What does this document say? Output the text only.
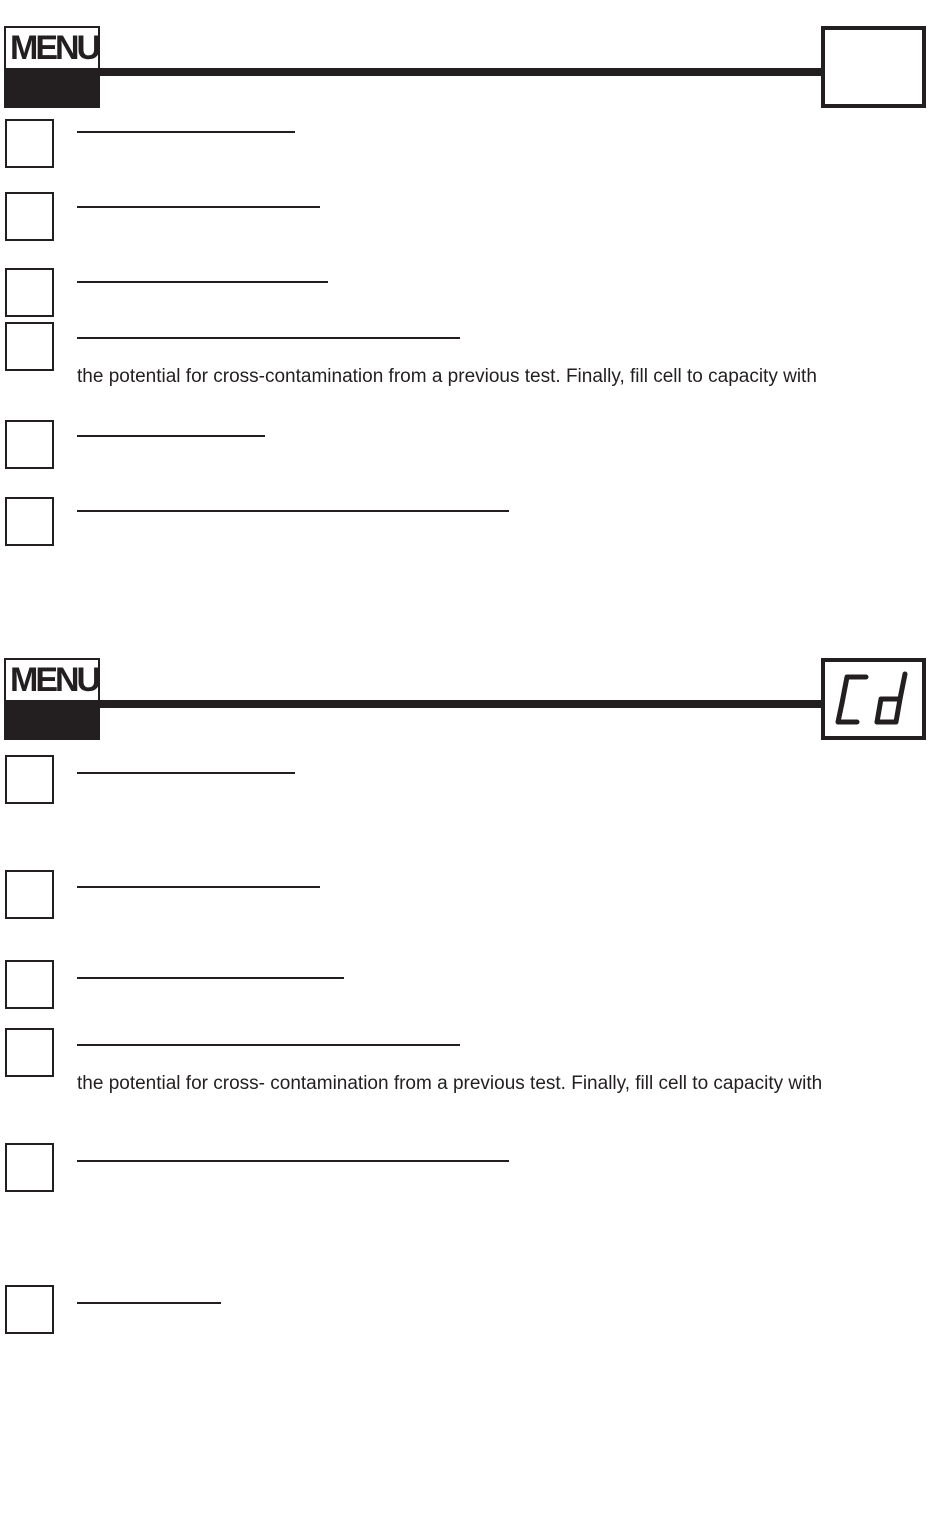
MENU
the potential for cross-contamination from a previous test. Finally, fill cell to capacity with
MENU
the potential for cross- contamination from a previous test. Finally, fill cell to capacity with
